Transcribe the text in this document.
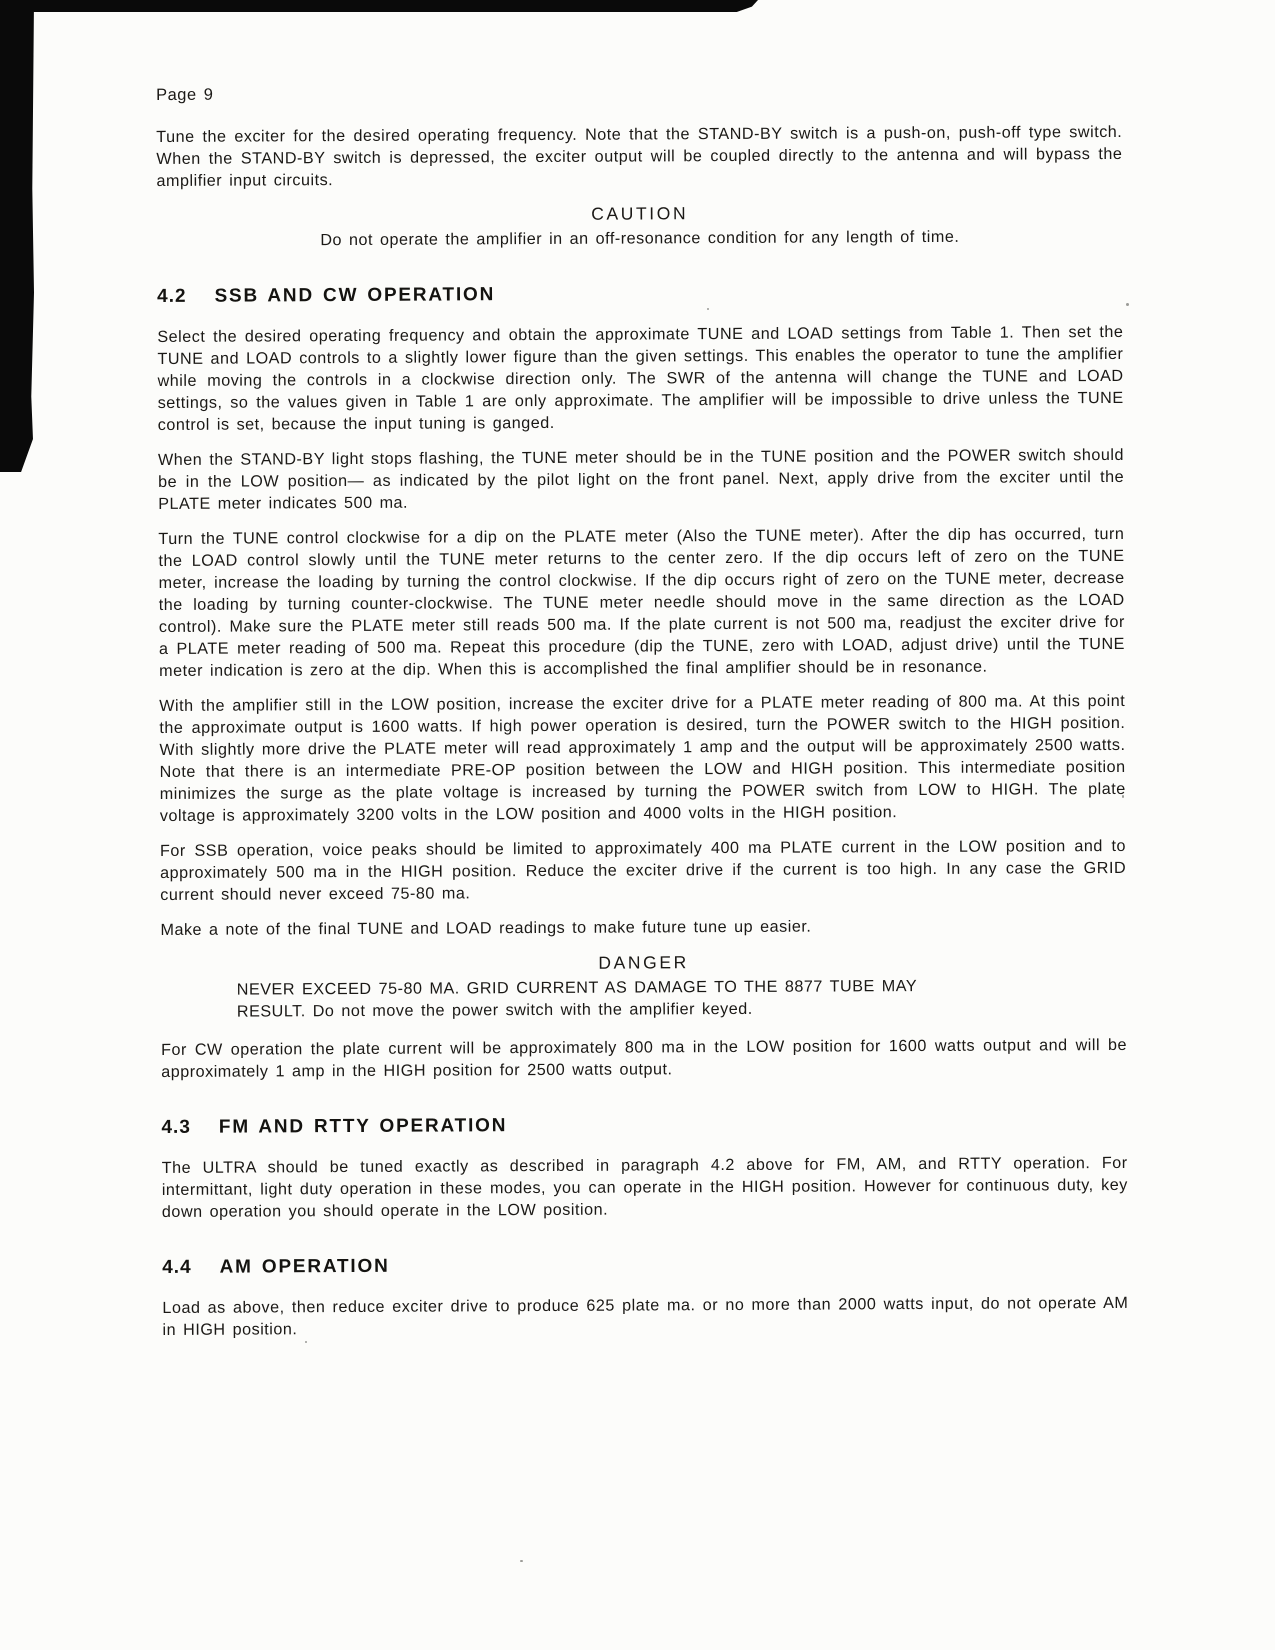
Page 9

Tune the exciter for the desired operating frequency. Note that the STAND-BY switch is a push-on, push-off type switch. When the STAND-BY switch is depressed, the exciter output will be coupled directly to the antenna and will bypass the amplifier input circuits.

CAUTION
Do not operate the amplifier in an off-resonance condition for any length of time.
4.2 SSB AND CW OPERATION

Select the desired operating frequency and obtain the approximate TUNE and LOAD settings from Table 1. Then set the TUNE and LOAD controls to a slightly lower figure than the given settings. This enables the operator to tune the amplifier while moving the controls in a clockwise direction only. The SWR of the antenna will change the TUNE and LOAD settings, so the values given in Table 1 are only approximate. The amplifier will be impossible to drive unless the TUNE control is set, because the input tuning is ganged.

When the STAND-BY light stops flashing, the TUNE meter should be in the TUNE position and the POWER switch should be in the LOW position— as indicated by the pilot light on the front panel. Next, apply drive from the exciter until the PLATE meter indicates 500 ma.

Turn the TUNE control clockwise for a dip on the PLATE meter (Also the TUNE meter). After the dip has occurred, turn the LOAD control slowly until the TUNE meter returns to the center zero. If the dip occurs left of zero on the TUNE meter, increase the loading by turning the control clockwise. If the dip occurs right of zero on the TUNE meter, decrease the loading by turning counter-clockwise. The TUNE meter needle should move in the same direction as the LOAD control). Make sure the PLATE meter still reads 500 ma. If the plate current is not 500 ma, readjust the exciter drive for a PLATE meter reading of 500 ma. Repeat this procedure (dip the TUNE, zero with LOAD, adjust drive) until the TUNE meter indication is zero at the dip. When this is accomplished the final amplifier should be in resonance.

With the amplifier still in the LOW position, increase the exciter drive for a PLATE meter reading of 800 ma. At this point the approximate output is 1600 watts. If high power operation is desired, turn the POWER switch to the HIGH position. With slightly more drive the PLATE meter will read approximately 1 amp and the output will be approximately 2500 watts. Note that there is an intermediate PRE-OP position between the LOW and HIGH position. This intermediate position minimizes the surge as the plate voltage is increased by turning the POWER switch from LOW to HIGH. The plate voltage is approximately 3200 volts in the LOW position and 4000 volts in the HIGH position.

For SSB operation, voice peaks should be limited to approximately 400 ma PLATE current in the LOW position and to approximately 500 ma in the HIGH position. Reduce the exciter drive if the current is too high. In any case the GRID current should never exceed 75-80 ma.

Make a note of the final TUNE and LOAD readings to make future tune up easier.

DANGER
NEVER EXCEED 75-80 MA. GRID CURRENT AS DAMAGE TO THE 8877 TUBE MAY RESULT. Do not move the power switch with the amplifier keyed.

For CW operation the plate current will be approximately 800 ma in the LOW position for 1600 watts output and will be approximately 1 amp in the HIGH position for 2500 watts output.

4.3 FM AND RTTY OPERATION

The ULTRA should be tuned exactly as described in paragraph 4.2 above for FM, AM, and RTTY operation. For intermittant, light duty operation in these modes, you can operate in the HIGH position. However for continuous duty, key down operation you should operate in the LOW position.

4.4 AM OPERATION

Load as above, then reduce exciter drive to produce 625 plate ma. or no more than 2000 watts input, do not operate AM in HIGH position.
